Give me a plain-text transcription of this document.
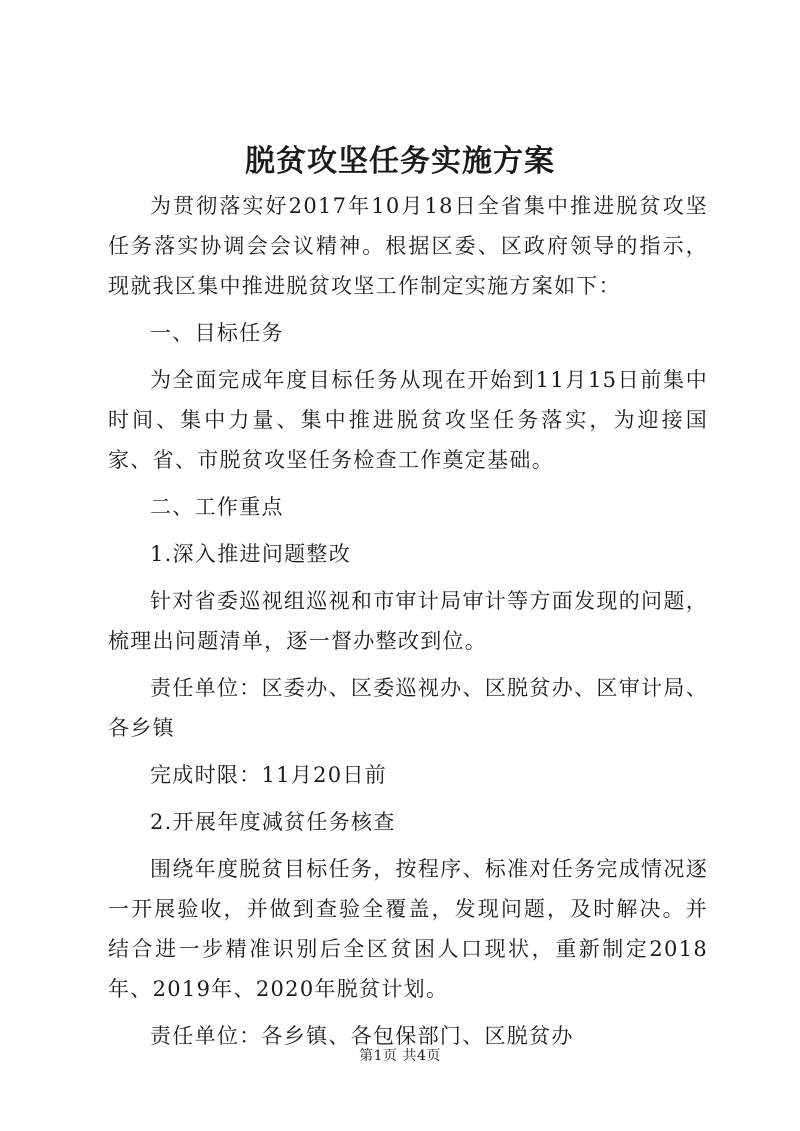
脱贫攻坚任务实施方案

为贯彻落实好2017年10月18日全省集中推进脱贫攻坚任务落实协调会会议精神。根据区委、区政府领导的指示，现就我区集中推进脱贫攻坚工作制定实施方案如下：

一、目标任务

为全面完成年度目标任务从现在开始到11月15日前集中时间、集中力量、集中推进脱贫攻坚任务落实，为迎接国家、省、市脱贫攻坚任务检查工作奠定基础。

二、工作重点

1.深入推进问题整改

针对省委巡视组巡视和市审计局审计等方面发现的问题，梳理出问题清单，逐一督办整改到位。

责任单位：区委办、区委巡视办、区脱贫办、区审计局、各乡镇

完成时限：11月20日前

2.开展年度减贫任务核查

围绕年度脱贫目标任务，按程序、标准对任务完成情况逐一开展验收，并做到查验全覆盖，发现问题，及时解决。并结合进一步精准识别后全区贫困人口现状，重新制定2018年、2019年、2020年脱贫计划。

责任单位：各乡镇、各包保部门、区脱贫办

第1页 共4页
